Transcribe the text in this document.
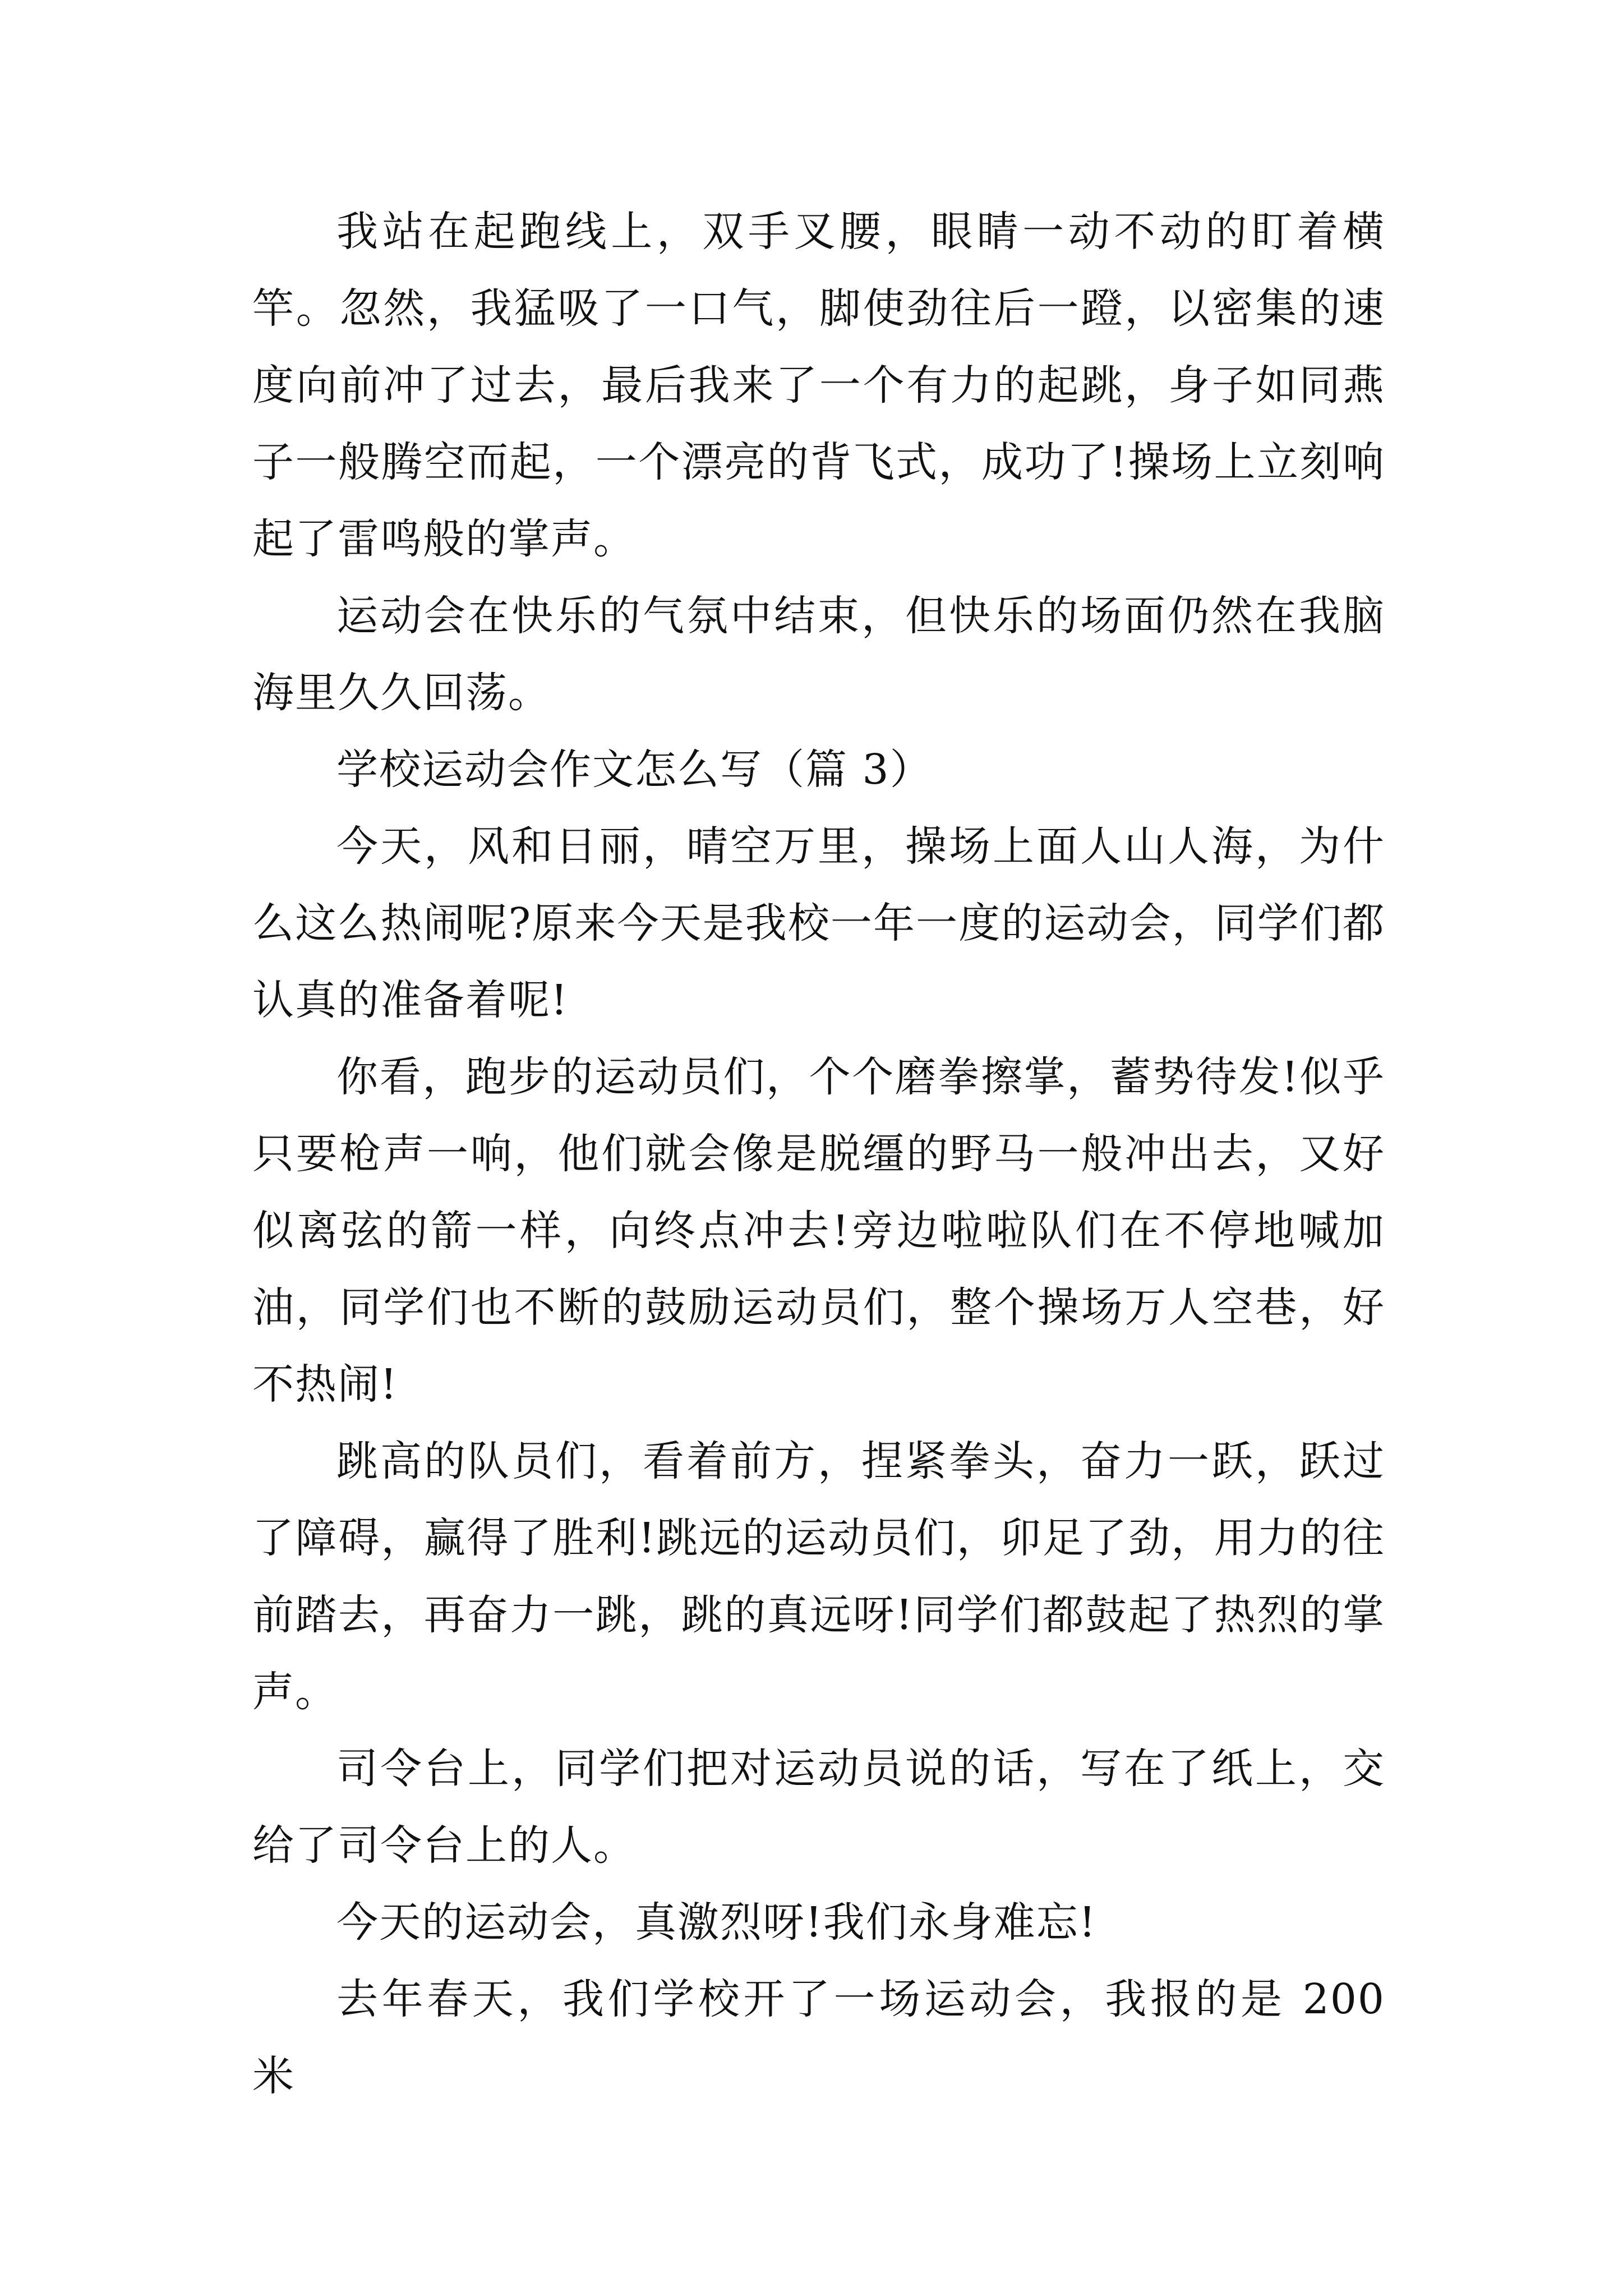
我站在起跑线上，双手叉腰，眼睛一动不动的盯着横竿。忽然，我猛吸了一口气，脚使劲往后一蹬，以密集的速度向前冲了过去，最后我来了一个有力的起跳，身子如同燕子一般腾空而起，一个漂亮的背飞式，成功了!操场上立刻响起了雷鸣般的掌声。

运动会在快乐的气氛中结束，但快乐的场面仍然在我脑海里久久回荡。

学校运动会作文怎么写（篇 3）

今天，风和日丽，晴空万里，操场上面人山人海，为什么这么热闹呢?原来今天是我校一年一度的运动会，同学们都认真的准备着呢!

你看，跑步的运动员们，个个磨拳擦掌，蓄势待发!似乎只要枪声一响，他们就会像是脱缰的野马一般冲出去，又好似离弦的箭一样，向终点冲去!旁边啦啦队们在不停地喊加油，同学们也不断的鼓励运动员们，整个操场万人空巷，好不热闹!

跳高的队员们，看着前方，捏紧拳头，奋力一跃，跃过了障碍，赢得了胜利!跳远的运动员们，卯足了劲，用力的往前踏去，再奋力一跳，跳的真远呀!同学们都鼓起了热烈的掌声。

司令台上，同学们把对运动员说的话，写在了纸上，交给了司令台上的人。

今天的运动会，真激烈呀!我们永身难忘!

去年春天，我们学校开了一场运动会，我报的是 200 米
